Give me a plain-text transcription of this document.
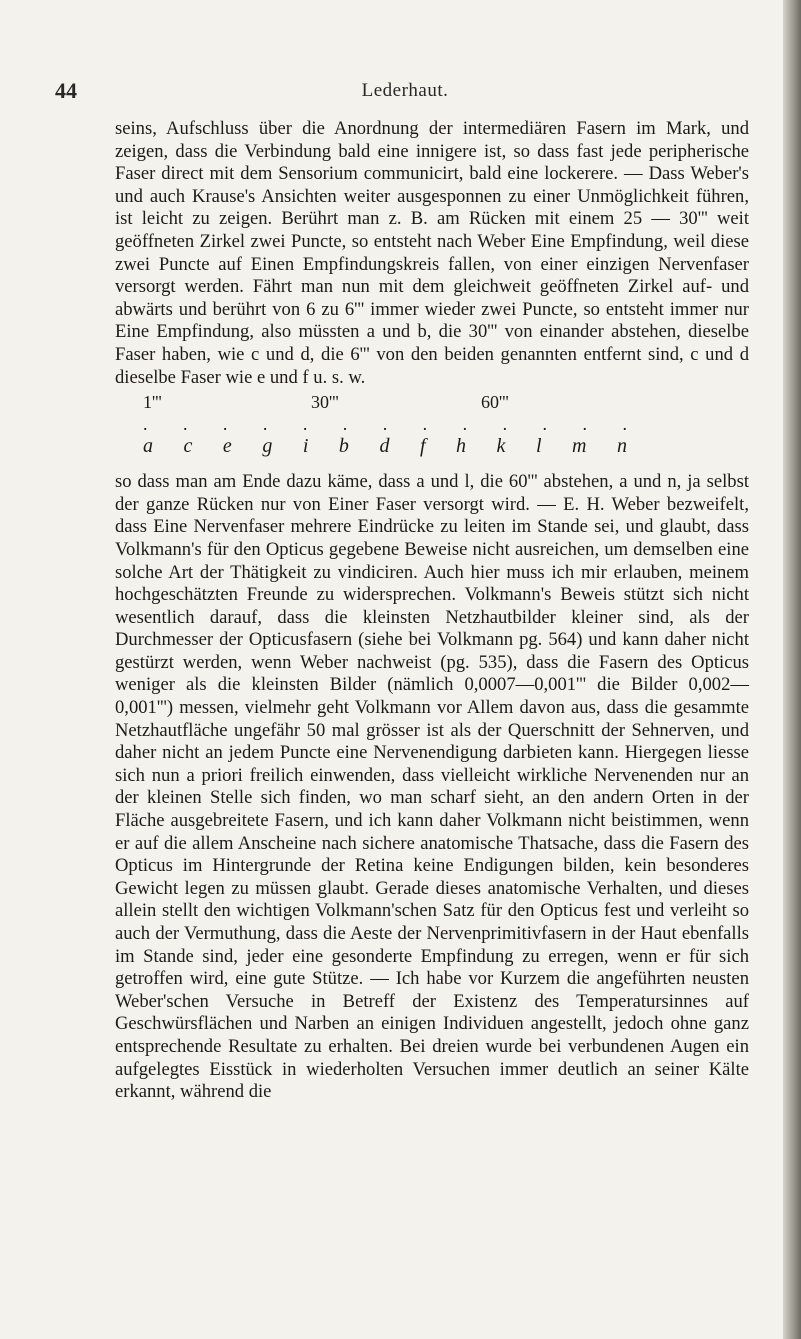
44	Lederhaut.

seins, Aufschluss über die Anordnung der intermediären Fasern im Mark, und zeigen, dass die Verbindung bald eine innigere ist, so dass fast jede peripherische Faser direct mit dem Sensorium communicirt, bald eine lockerere. — Dass Weber's und auch Krause's Ansichten weiter ausgesponnen zu einer Unmöglichkeit führen, ist leicht zu zeigen. Berührt man z. B. am Rücken mit einem 25 — 30''' weit geöffneten Zirkel zwei Puncte, so entsteht nach Weber Eine Empfindung, weil diese zwei Puncte auf Einen Empfindungskreis fallen, von einer einzigen Nervenfaser versorgt werden. Fährt man nun mit dem gleichweit geöffneten Zirkel auf- und abwärts und berührt von 6 zu 6''' immer wieder zwei Puncte, so entsteht immer nur Eine Empfindung, also müssten a und b, die 30''' von einander abstehen, dieselbe Faser haben, wie c und d, die 6''' von den beiden genannten entfernt sind, c und d dieselbe Faser wie e und f u. s. w.

1'''	30'''	60'''
. . . . . . . . . . . . .
a c e g i b d f h k l m n

so dass man am Ende dazu käme, dass a und l, die 60''' abstehen, a und n, ja selbst der ganze Rücken nur von Einer Faser versorgt wird. — E. H. Weber bezweifelt, dass Eine Nervenfaser mehrere Eindrücke zu leiten im Stande sei, und glaubt, dass Volkmann's für den Opticus gegebene Beweise nicht ausreichen, um demselben eine solche Art der Thätigkeit zu vindiciren. Auch hier muss ich mir erlauben, meinem hochgeschätzten Freunde zu widersprechen. Volkmann's Beweis stützt sich nicht wesentlich darauf, dass die kleinsten Netzhautbilder kleiner sind, als der Durchmesser der Opticusfasern (siehe bei Volkmann pg. 564) und kann daher nicht gestürzt werden, wenn Weber nachweist (pg. 535), dass die Fasern des Opticus weniger als die kleinsten Bilder (nämlich 0,0007—0,001''' die Bilder 0,002—0,001''') messen, vielmehr geht Volkmann vor Allem davon aus, dass die gesammte Netzhautfläche ungefähr 50 mal grösser ist als der Querschnitt der Sehnerven, und daher nicht an jedem Puncte eine Nervenendigung darbieten kann. Hiergegen liesse sich nun a priori freilich einwenden, dass vielleicht wirkliche Nervenenden nur an der kleinen Stelle sich finden, wo man scharf sieht, an den andern Orten in der Fläche ausgebreitete Fasern, und ich kann daher Volkmann nicht beistimmen, wenn er auf die allem Anscheine nach sichere anatomische Thatsache, dass die Fasern des Opticus im Hintergrunde der Retina keine Endigungen bilden, kein besonderes Gewicht legen zu müssen glaubt. Gerade dieses anatomische Verhalten, und dieses allein stellt den wichtigen Volkmann'schen Satz für den Opticus fest und verleiht so auch der Vermuthung, dass die Aeste der Nervenprimitivfasern in der Haut ebenfalls im Stande sind, jeder eine gesonderte Empfindung zu erregen, wenn er für sich getroffen wird, eine gute Stütze. — Ich habe vor Kurzem die angeführten neusten Weber'schen Versuche in Betreff der Existenz des Temperatursinnes auf Geschwürsflächen und Narben an einigen Individuen angestellt, jedoch ohne ganz entsprechende Resultate zu erhalten. Bei dreien wurde bei verbundenen Augen ein aufgelegtes Eisstück in wiederholten Versuchen immer deutlich an seiner Kälte erkannt, während die
